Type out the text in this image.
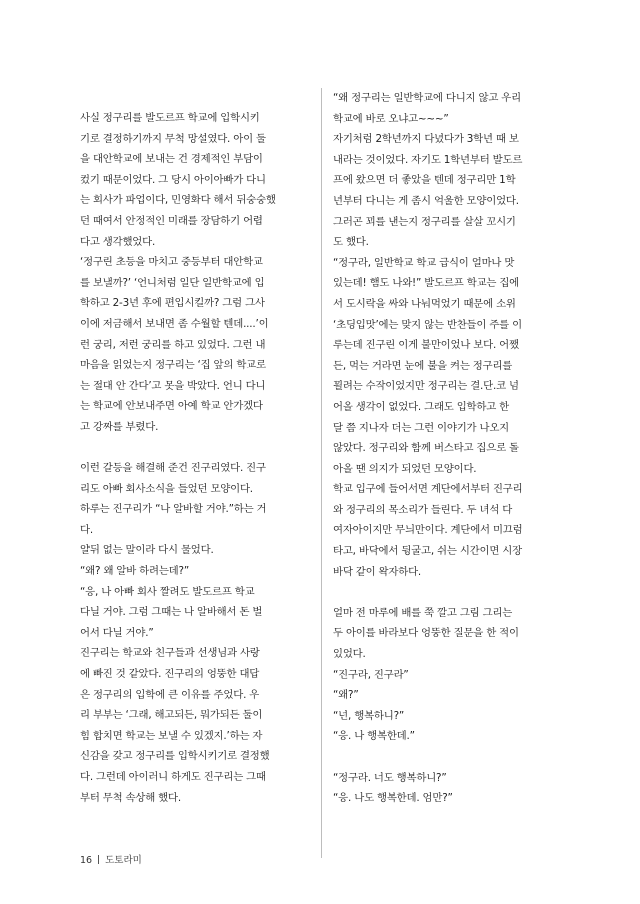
사실 정구리를 발도르프 학교에 입학시키
기로 결정하기까지 무척 망설였다. 아이 둘
을 대안학교에 보내는 건 경제적인 부담이
컸기 때문이었다. 그 당시 아이아빠가 다니
는 회사가 파업이다, 민영화다 해서 뒤숭숭했
던 때여서 안정적인 미래를 장담하기 어렵
다고 생각했었다.
‘정구린 초등을 마치고 중등부터 대안학교
를 보낼까?’ ‘언니처럼 일단 일반학교에 입
학하고 2-3년 후에 편입시킬까? 그럼 그사
이에 저금해서 보내면 좀 수월할 텐데....’이
런 궁리, 저런 궁리를 하고 있었다. 그런 내
마음을 읽었는지 정구리는 ‘집 앞의 학교로
는 절대 안 간다’고 못을 박았다. 언니 다니
는 학교에 안보내주면 아예 학교 안가겠다
고 강짜를 부렸다.
이런 갈등을 해결해 준건 진구리였다. 진구
리도 아빠 회사소식을 들었던 모양이다.
하루는 진구리가 “나 알바할 거야.”하는 거
다.
얄뒤 없는 말이라 다시 물었다.
“왜? 왜 알바 하려는데?”
“응, 나 아빠 회사 짤려도 발도르프 학교
다닐 거야. 그럼 그때는 나 알바해서 돈 벌
어서 다닐 거야.”
진구리는 학교와 친구들과 선생님과 사랑
에 빠진 것 같았다. 진구리의 엉뚱한 대답
은 정구리의 입학에 큰 이유를 주었다. 우
리 부부는 ‘그래, 해고되든, 뭐가되든 둘이
힘 합치면 학교는 보낼 수 있겠지.’하는 자
신감을 갖고 정구리를 입학시키기로 결정했
다. 그런데 아이러니 하게도 진구리는 그때
부터 무척 속상해 했다.
“왜 정구리는 일반학교에 다니지 않고 우리
학교에 바로 오냐고~~~”
자기처럼 2학년까지 다녔다가 3학년 때 보
내라는 것이었다. 자기도 1학년부터 발도르
프에 왔으면 더 좋았을 텐데 정구리만 1학
년부터 다니는 게 좀시 억울한 모양이었다.
그러곤 꾀를 낸는지 정구리를 살살 꼬시기
도 했다.
“정구라, 일반학교 학교 급식이 얼마나 맛
있는데! 햄도 나와!” 발도르프 학교는 집에
서 도시락을 싸와 나눠먹었기 때문에 소위
‘초딩입맛’에는 맞지 않는 반찬들이 주를 이
루는데 진구린 이게 불만이었나 보다. 어쨌
든, 먹는 거라면 눈에 불을 켜는 정구리를
꾈려는 수작이었지만 정구리는 결.단.코 넘
어올 생각이 없었다. 그래도 입학하고 한
달 쯤 지나자 더는 그런 이야기가 나오지
않았다. 정구리와 함께 버스타고 집으로 돌
아올 땐 의지가 되었던 모양이다.
학교 입구에 들어서면 계단에서부터 진구리
와 정구리의 목소리가 들린다. 두 녀석 다
여자아이지만 무늬만이다. 계단에서 미끄럼
타고, 바닥에서 뒹굴고, 쉬는 시간이면 시장
바닥 같이 왁자하다.
얼마 전 마루에 배를 쭉 깔고 그림 그리는
두 아이를 바라보다 엉뚱한 질문을 한 적이
있었다.
“진구라, 진구라”
“왜?”
“넌, 행복하니?”
“응. 나 행복한데.”
“정구라. 너도 행복하니?”
“응. 나도 행복한데. 엄만?”
16 도토라미
